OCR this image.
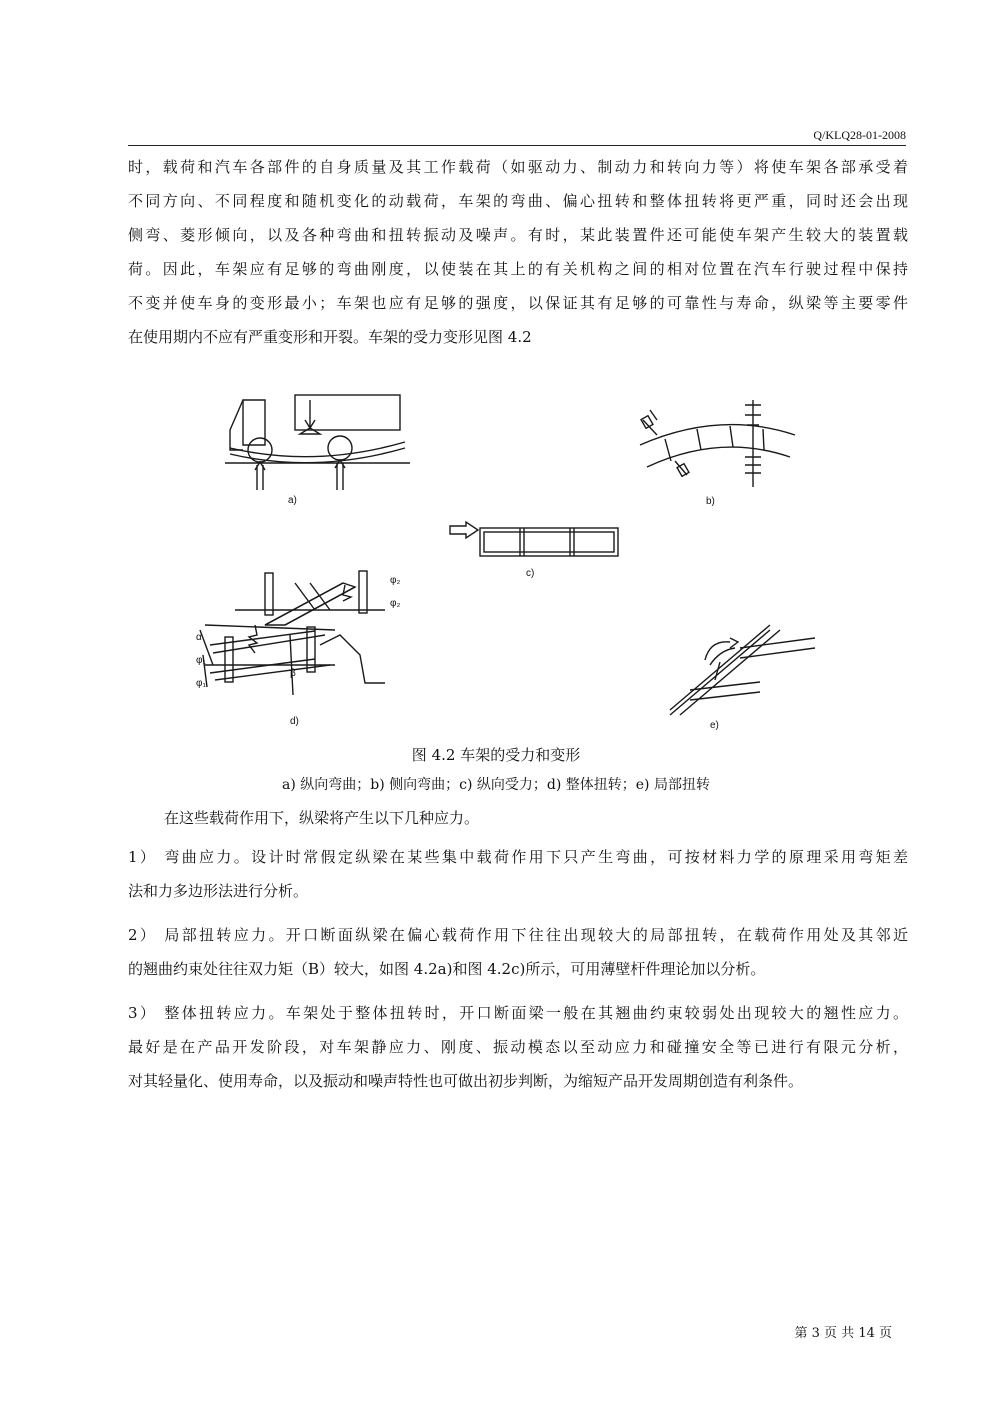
Q/KLQ28-01-2008
时，载荷和汽车各部件的自身质量及其工作载荷（如驱动力、制动力和转向力等）将使车架各部承受着
不同方向、不同程度和随机变化的动载荷，车架的弯曲、偏心扭转和整体扭转将更严重，同时还会出现
侧弯、菱形倾向，以及各种弯曲和扭转振动及噪声。有时，某此装置件还可能使车架产生较大的装置载
荷。因此，车架应有足够的弯曲刚度，以使装在其上的有关机构之间的相对位置在汽车行驶过程中保持
不变并使车身的变形最小；车架也应有足够的强度，以保证其有足够的可靠性与寿命，纵梁等主要零件
在使用期内不应有严重变形和开裂。车架的受力变形见图 4.2
a)	b)
c)
φ₂
φ₂
α
φ₁
φ₁
β
d)	e)
图 4.2 车架的受力和变形
a) 纵向弯曲；b) 侧向弯曲；c) 纵向受力；d) 整体扭转；e) 局部扭转
在这些载荷作用下，纵梁将产生以下几种应力。
1） 弯曲应力。设计时常假定纵梁在某些集中载荷作用下只产生弯曲，可按材料力学的原理采用弯矩差
法和力多边形法进行分析。
2） 局部扭转应力。开口断面纵梁在偏心载荷作用下往往出现较大的局部扭转，在载荷作用处及其邻近
的翘曲约束处往往双力矩（B）较大，如图 4.2a)和图 4.2c)所示，可用薄壁杆件理论加以分析。
3） 整体扭转应力。车架处于整体扭转时，开口断面梁一般在其翘曲约束较弱处出现较大的翘性应力。
最好是在产品开发阶段，对车架静应力、刚度、振动模态以至动应力和碰撞安全等已进行有限元分析，
对其轻量化、使用寿命，以及振动和噪声特性也可做出初步判断，为缩短产品开发周期创造有利条件。
第 3 页 共 14 页
